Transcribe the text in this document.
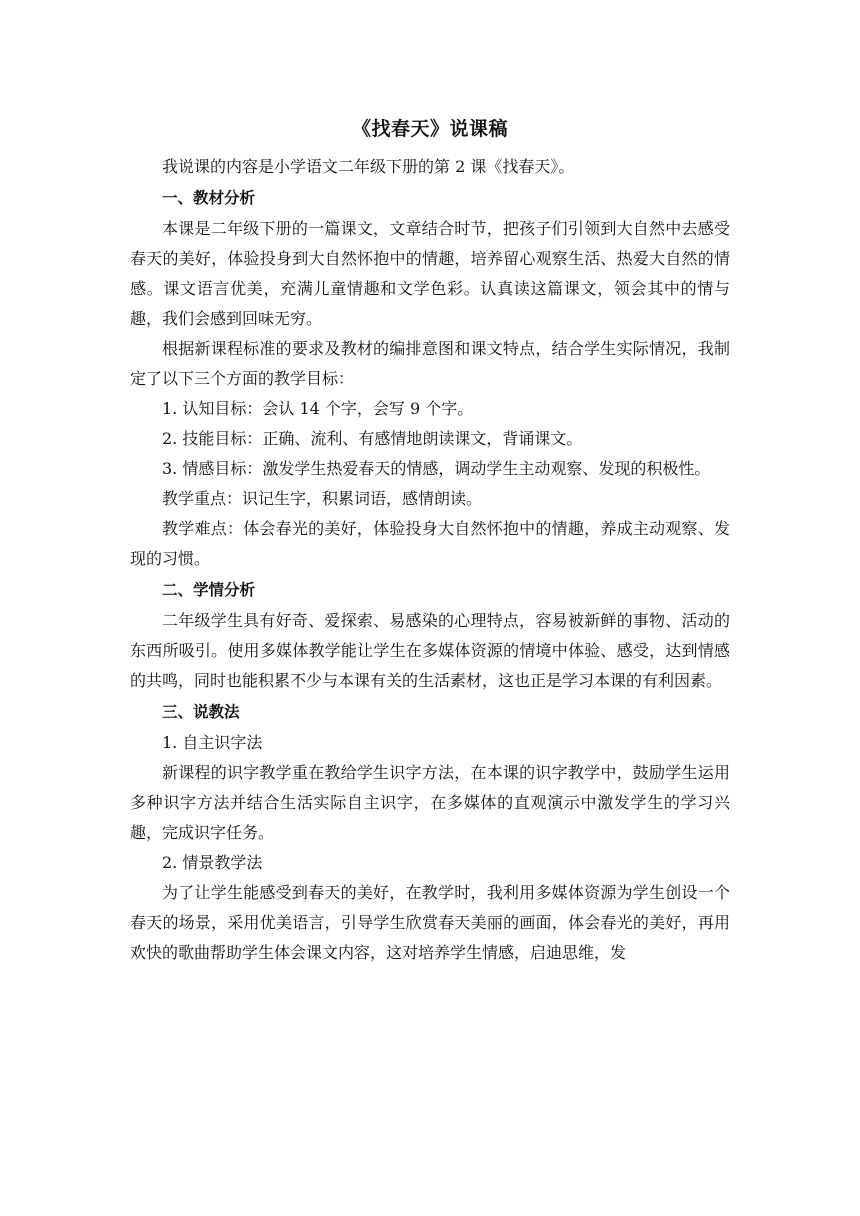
《找春天》说课稿

我说课的内容是小学语文二年级下册的第 2 课《找春天》。

一、教材分析

本课是二年级下册的一篇课文，文章结合时节，把孩子们引领到大自然中去感受春天的美好，体验投身到大自然怀抱中的情趣，培养留心观察生活、热爱大自然的情感。课文语言优美，充满儿童情趣和文学色彩。认真读这篇课文，领会其中的情与趣，我们会感到回味无穷。

根据新课程标准的要求及教材的编排意图和课文特点，结合学生实际情况，我制定了以下三个方面的教学目标：

1. 认知目标：会认 14 个字，会写 9 个字。

2. 技能目标：正确、流利、有感情地朗读课文，背诵课文。

3. 情感目标：激发学生热爱春天的情感，调动学生主动观察、发现的积极性。

教学重点：识记生字，积累词语，感情朗读。

教学难点：体会春光的美好，体验投身大自然怀抱中的情趣，养成主动观察、发现的习惯。

二、学情分析

二年级学生具有好奇、爱探索、易感染的心理特点，容易被新鲜的事物、活动的东西所吸引。使用多媒体教学能让学生在多媒体资源的情境中体验、感受，达到情感的共鸣，同时也能积累不少与本课有关的生活素材，这也正是学习本课的有利因素。

三、说教法

1. 自主识字法

新课程的识字教学重在教给学生识字方法，在本课的识字教学中，鼓励学生运用多种识字方法并结合生活实际自主识字，在多媒体的直观演示中激发学生的学习兴趣，完成识字任务。

2. 情景教学法

为了让学生能感受到春天的美好，在教学时，我利用多媒体资源为学生创设一个春天的场景，采用优美语言，引导学生欣赏春天美丽的画面，体会春光的美好，再用欢快的歌曲帮助学生体会课文内容，这对培养学生情感，启迪思维，发
